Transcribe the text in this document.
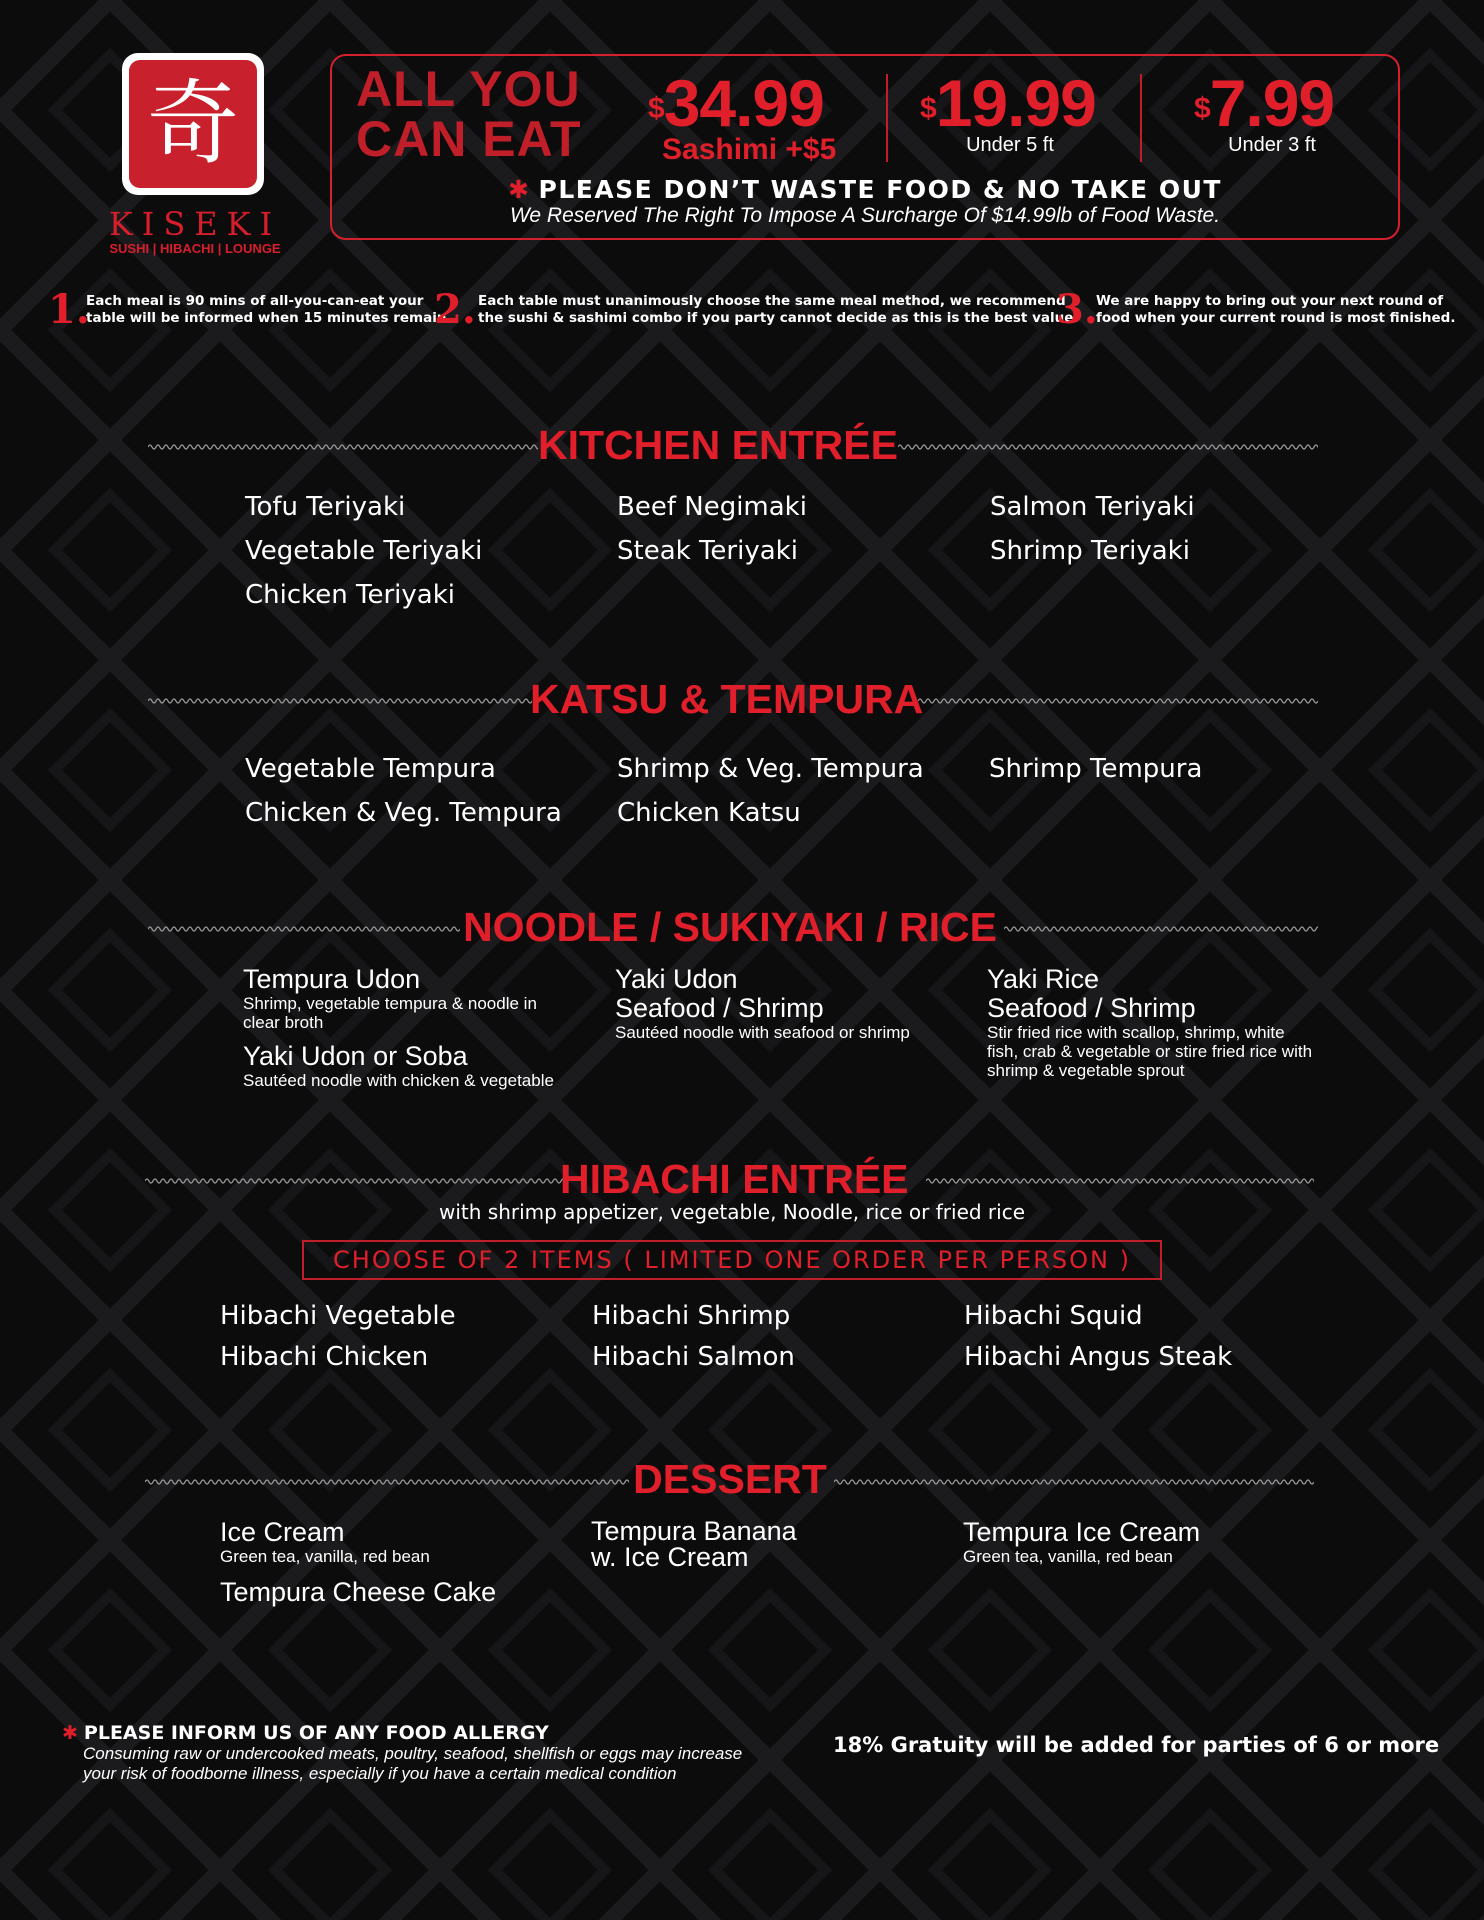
奇
KISEKI
SUSHI | HIBACHI | LOUNGE
ALL YOU
CAN EAT
$34.99
Sashimi +$5
$19.99
Under 5 ft
$7.99
Under 3 ft
✱ PLEASE DON’T WASTE FOOD & NO TAKE OUT
We Reserved The Right To Impose A Surcharge Of $14.99lb of Food Waste.
1.
Each meal is 90 mins of all-you-can-eat your
table will be informed when 15 minutes remain
2. Each table must unanimously choose the same meal method, we recommend
the sushi & sashimi combo if you party cannot decide as this is the best value.
3.
We are happy to bring out your next round of
food when your current round is most finished.
KITCHEN ENTRÉE
Tofu Teriyaki
Vegetable Teriyaki
Chicken Teriyaki
Beef Negimaki
Steak Teriyaki
Salmon Teriyaki
Shrimp Teriyaki
KATSU & TEMPURA
Vegetable Tempura
Chicken & Veg. Tempura
Shrimp & Veg. Tempura
Chicken Katsu
Shrimp Tempura
NOODLE / SUKIYAKI / RICE
Tempura Udon
Shrimp, vegetable tempura & noodle in
clear broth
Yaki Udon or Soba
Sautéed noodle with chicken & vegetable
Yaki Udon
Seafood / Shrimp
Sautéed noodle with seafood or shrimp
Yaki Rice
Seafood / Shrimp
Stir fried rice with scallop, shrimp, white
fish, crab & vegetable or stire fried rice with
shrimp & vegetable sprout
HIBACHI ENTRÉE
with shrimp appetizer, vegetable, Noodle, rice or fried rice
CHOOSE OF 2 ITEMS ( LIMITED ONE ORDER PER PERSON )
Hibachi Vegetable
Hibachi Chicken
Hibachi Shrimp
Hibachi Salmon
Hibachi Squid
Hibachi Angus Steak
DESSERT
Ice Cream
Green tea, vanilla, red bean
Tempura Cheese Cake
Tempura Banana
w. Ice Cream
Tempura Ice Cream
Green tea, vanilla, red bean
✱ PLEASE INFORM US OF ANY FOOD ALLERGY
Consuming raw or undercooked meats, poultry, seafood, shellfish or eggs may increase
your risk of foodborne illness, especially if you have a certain medical condition
18% Gratuity will be added for parties of 6 or more
